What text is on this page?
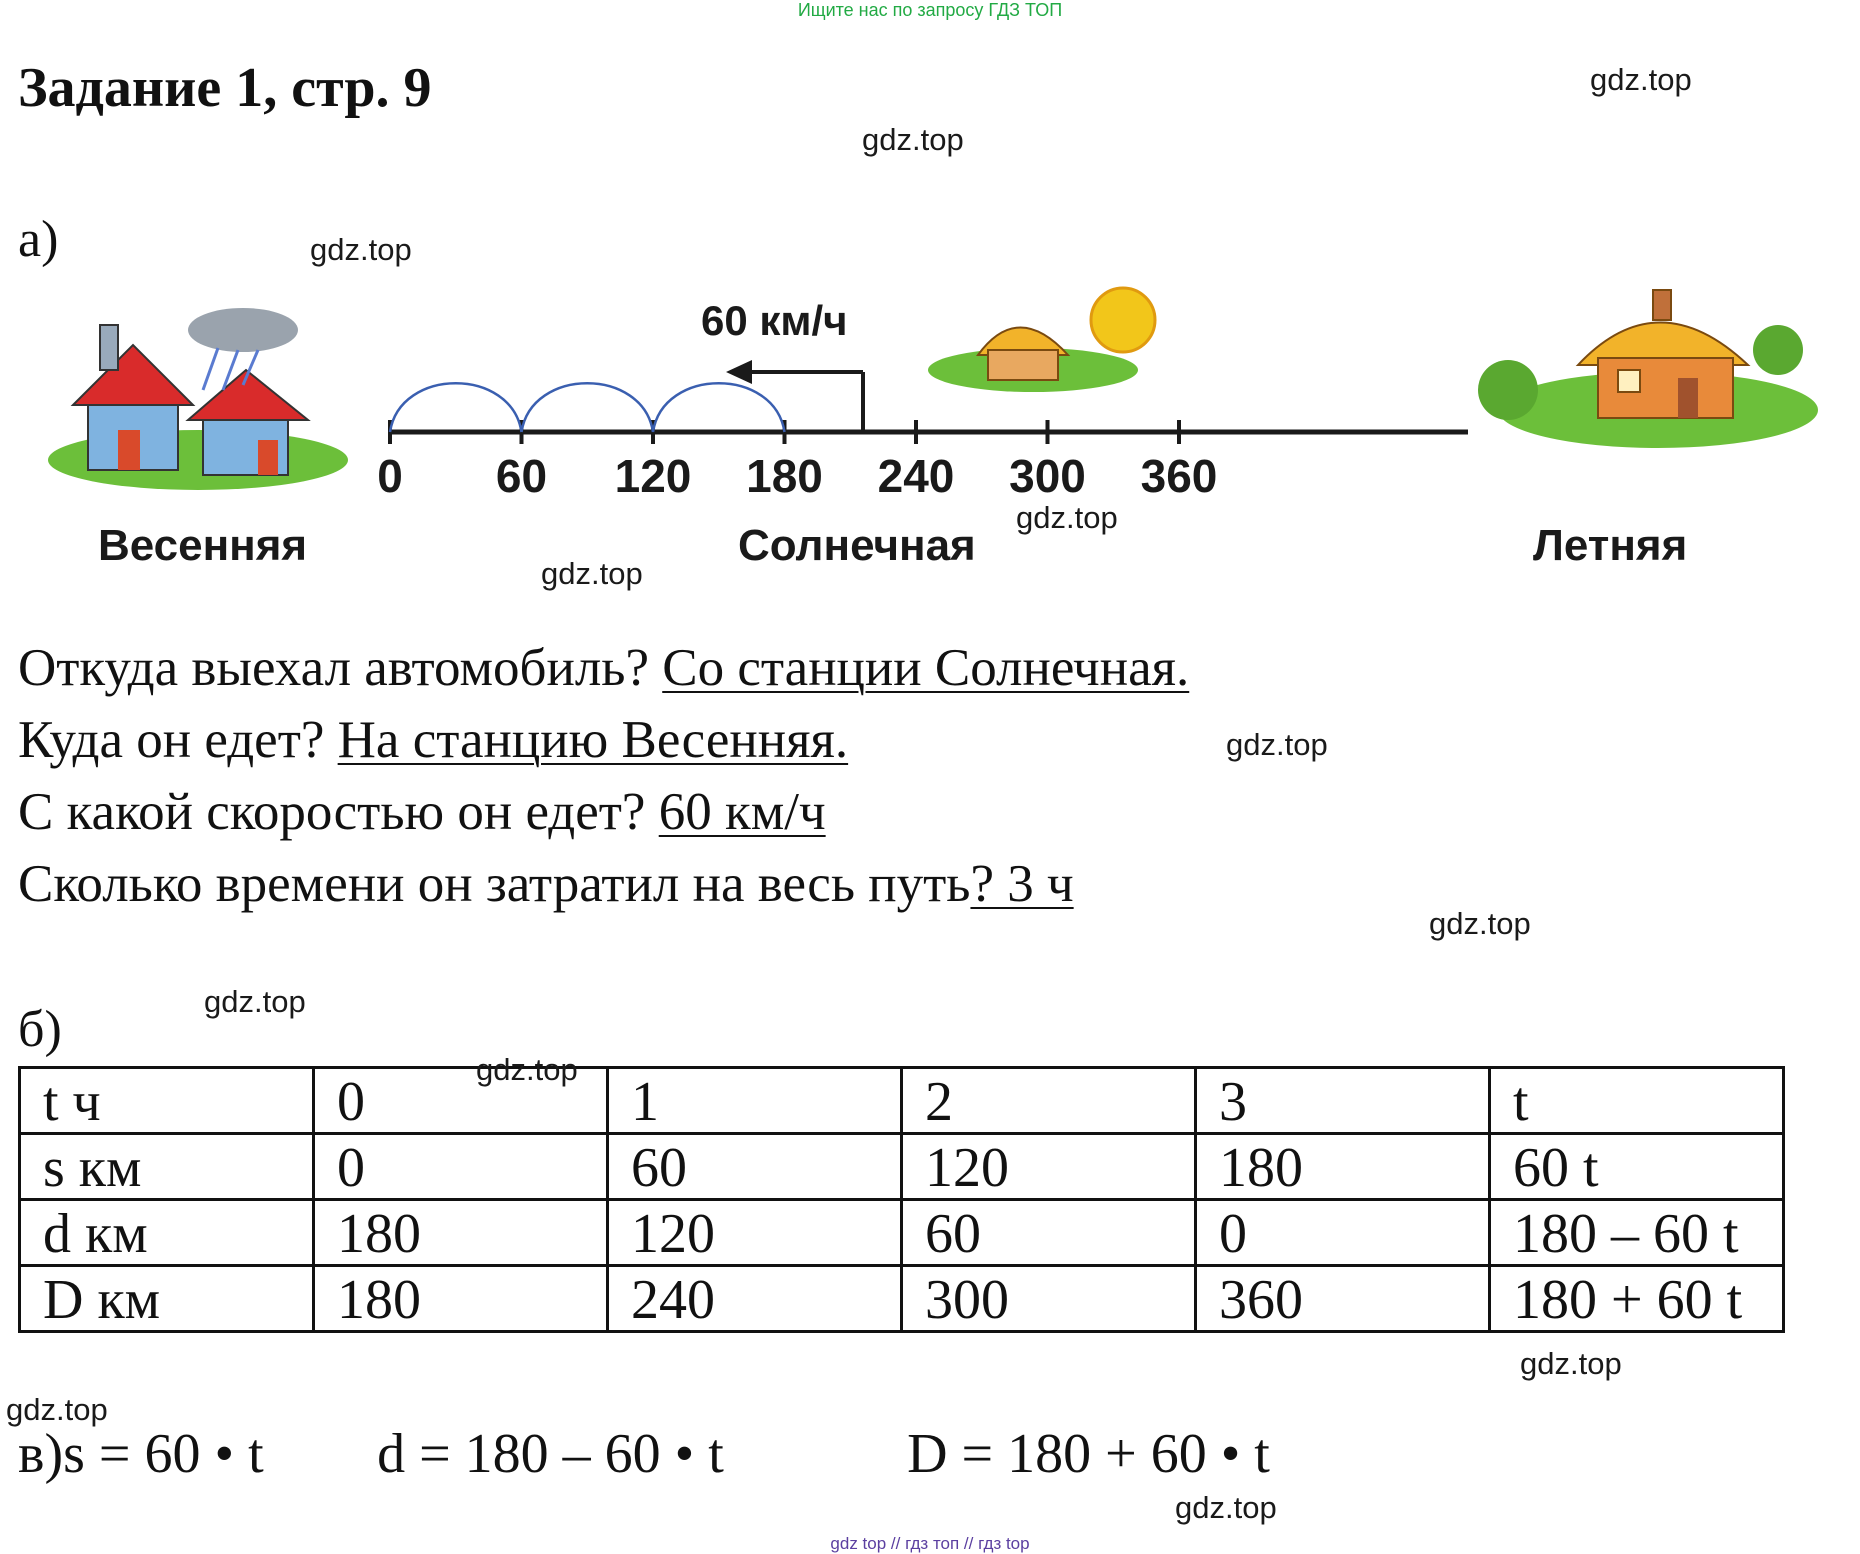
Ищите нас по запросу ГДЗ ТОП
Задание 1, стр. 9
а)
0 60 120 180 240 300 360
60 км/ч
Весенняя	Солнечная	Летняя
Откуда выехал автомобиль? Со станции Солнечная.
Куда он едет? На станцию Весенняя.
С какой скоростью он едет? 60 км/ч
Сколько времени он затратил на весь путь? 3 ч
б)
t ч	0	1	2	3	t
s км	0	60	120	180	60 t
d км	180	120	60	0	180 – 60 t
D км	180	240	300	360	180 + 60 t
в)s = 60 • t d = 180 – 60 • t	D = 180 + 60 • t
gdz.top
gdz.top
gdz.top
gdz.top
gdz.top
gdz.top
gdz.top
gdz.top
gdz.top
gdz.top
gdz.top
gdz.top
gdz top // гдз топ // гдз top
